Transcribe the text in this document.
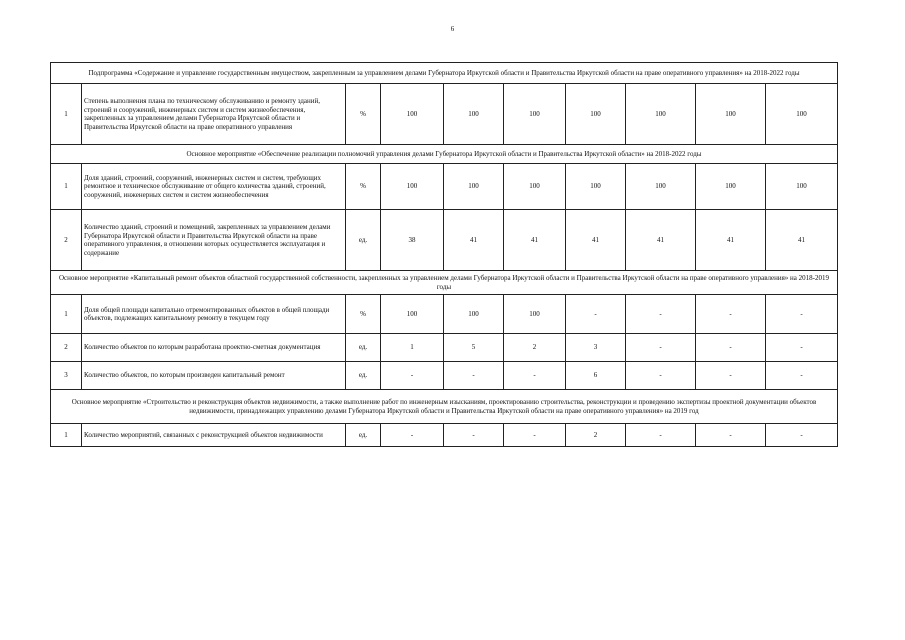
6
Подпрограмма «Содержание и управление государственным имуществом, закрепленным за управлением делами Губернатора Иркутской области и Правительства Иркутской области на праве оперативного управления» на 2018-2022 годы									
1	Степень выполнения плана по техническому обслуживанию и ремонту зданий, строений и сооружений, инженерных систем и систем жизнеобеспечения, закрепленных за управлением делами Губернатора Иркутской области и Правительства Иркутской области на праве оперативного управления	%	100	100	100	100	100	100	100
Основное мероприятие «Обеспечение реализации полномочий управления делами Губернатора Иркутской области и Правительства Иркутской области» на 2018-2022 годы									
1	Доля зданий, строений, сооружений, инженерных систем и систем, требующих ремонтное и техническое обслуживание от общего количества зданий, строений, сооружений, инженерных систем и систем жизнеобеспечения	%	100	100	100	100	100	100	100
2	Количество зданий, строений и помещений, закрепленных за управлением делами Губернатора Иркутской области и Правительства Иркутской области на праве оперативного управления, в отношении которых осуществляется эксплуатация и содержание	ед.	38	41	41	41	41	41	41
Основное мероприятие «Капитальный ремонт объектов областной государственной собственности, закрепленных за управлением делами Губернатора Иркутской области и Правительства Иркутской области на праве оперативного управления» на 2018-2019 годы									
1	Доля общей площади капитально отремонтированных объектов в общей площади объектов, подлежащих капитальному ремонту в текущем году	%	100	100	100	-	-	-	-
2	Количество объектов по которым разработана проектно-сметная документация	ед.	1	5	2	3	-	-	-
3	Количество объектов, по которым произведен капитальный ремонт	ед.	-	-	-	6	-	-	-
Основное мероприятие «Строительство и реконструкция объектов недвижимости, а также выполнение работ по инженерным изысканиям, проектированию строительства, реконструкции и проведению экспертизы проектной документации объектов недвижимости, принадлежащих управлению делами Губернатора Иркутской области и Правительства Иркутской области на праве оперативного управления» на 2019 год									
1	Количество мероприятий, связанных с реконструкцией объектов недвижимости	ед.	-	-	-	2	-	-	-
